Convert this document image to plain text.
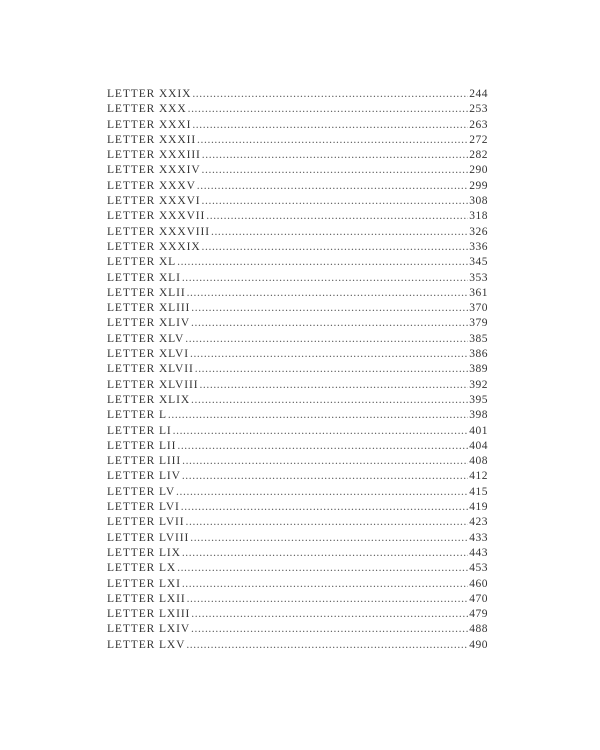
LETTER XXIX .....	244
LETTER XXX .....	253
LETTER XXXI .....	263
LETTER XXXII .....	272
LETTER XXXIII .....	282
LETTER XXXIV .....	290
LETTER XXXV .....	299
LETTER XXXVI .....	308
LETTER XXXVII .....	318
LETTER XXXVIII .....	326
LETTER XXXIX .....	336
LETTER XL .....	345
LETTER XLI .....	353
LETTER XLII .....	361
LETTER XLIII .....	370
LETTER XLIV .....	379
LETTER XLV .....	385
LETTER XLVI .....	386
LETTER XLVII .....	389
LETTER XLVIII .....	392
LETTER XLIX .....	395
LETTER L .....	398
LETTER LI .....	401
LETTER LII .....	404
LETTER LIII .....	408
LETTER LIV .....	412
LETTER LV .....	415
LETTER LVI .....	419
LETTER LVII .....	423
LETTER LVIII .....	433
LETTER LIX .....	443
LETTER LX .....	453
LETTER LXI .....	460
LETTER LXII .....	470
LETTER LXIII .....	479
LETTER LXIV .....	488
LETTER LXV .....	490
